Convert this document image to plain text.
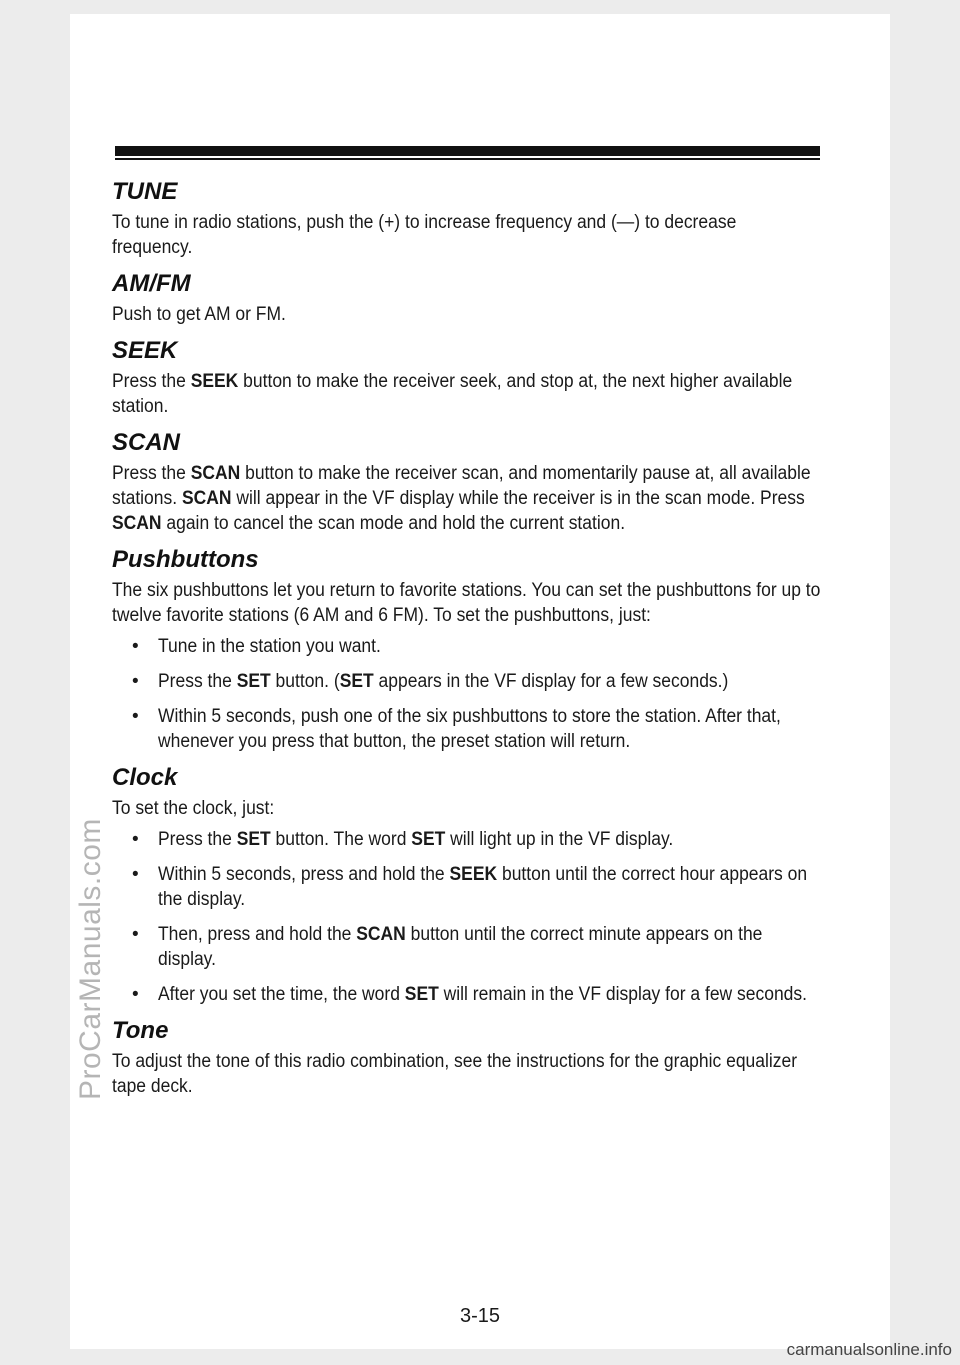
TUNE

To tune in radio stations, push the (+) to increase frequency and (—) to decrease frequency.

AM/FM

Push to get AM or FM.

SEEK

Press the SEEK button to make the receiver seek, and stop at, the next higher available station.

SCAN

Press the SCAN button to make the receiver scan, and momentarily pause at, all available stations. SCAN will appear in the VF display while the receiver is in the scan mode. Press SCAN again to cancel the scan mode and hold the current station.

Pushbuttons

The six pushbuttons let you return to favorite stations. You can set the pushbuttons for up to twelve favorite stations (6 AM and 6 FM). To set the pushbuttons, just:

• Tune in the station you want.
• Press the SET button. (SET appears in the VF display for a few seconds.)
• Within 5 seconds, push one of the six pushbuttons to store the station. After that, whenever you press that button, the preset station will return.
Clock

To set the clock, just:

• Press the SET button. The word SET will light up in the VF display.
• Within 5 seconds, press and hold the SEEK button until the correct hour appears on the display.
• Then, press and hold the SCAN button until the correct minute appears on the display.
• After you set the time, the word SET will remain in the VF display for a few seconds.
Tone

To adjust the tone of this radio combination, see the instructions for the graphic equalizer tape deck.

3-15
ProCarManuals.com
carmanualsonline.info
